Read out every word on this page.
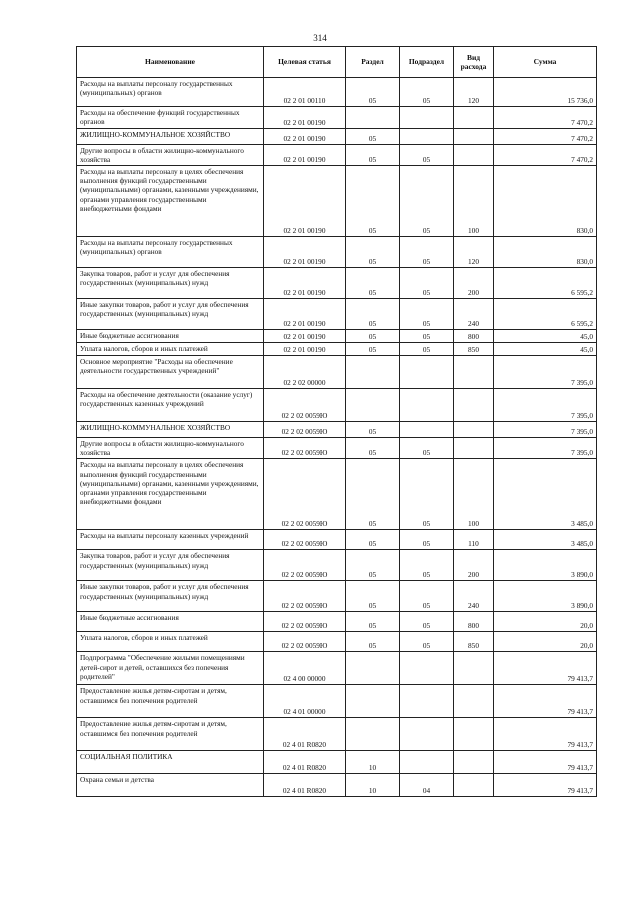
314
Наименование	Целевая статья	Раздел	Подраздел	Вид расхода	Сумма
Расходы на выплаты персоналу государственных (муниципальных) органов	02 2 01 00110	05	05	120	15 736,0
Расходы на обеспечение функций государственных органов	02 2 01 00190				7 470,2
ЖИЛИЩНО-КОММУНАЛЬНОЕ ХОЗЯЙСТВО	02 2 01 00190	05			7 470,2
Другие вопросы в области жилищно-коммунального хозяйства	02 2 01 00190	05	05		7 470,2
Расходы на выплаты персоналу в целях обеспечения выполнения функций государственными (муниципальными) органами, казенными учреждениями, органами управления государственными внебюджетными фондами	02 2 01 00190	05	05	100	830,0
Расходы на выплаты персоналу государственных (муниципальных) органов	02 2 01 00190	05	05	120	830,0
Закупка товаров, работ и услуг для обеспечения государственных (муниципальных) нужд	02 2 01 00190	05	05	200	6 595,2
Иные закупки товаров, работ и услуг для обеспечения государственных (муниципальных) нужд	02 2 01 00190	05	05	240	6 595,2
Иные бюджетные ассигнования	02 2 01 00190	05	05	800	45,0
Уплата налогов, сборов и иных платежей	02 2 01 00190	05	05	850	45,0
Основное мероприятие "Расходы на обеспечение деятельности государственных учреждений"	02 2 02 00000				7 395,0
Расходы на обеспечение деятельности (оказание услуг) государственных казенных учреждений	02 2 02 0059Ю				7 395,0
ЖИЛИЩНО-КОММУНАЛЬНОЕ ХОЗЯЙСТВО	02 2 02 0059Ю	05			7 395,0
Другие вопросы в области жилищно-коммунального хозяйства	02 2 02 0059Ю	05	05		7 395,0
Расходы на выплаты персоналу в целях обеспечения выполнения функций государственными (муниципальными) органами, казенными учреждениями, органами управления государственными внебюджетными фондами	02 2 02 0059Ю	05	05	100	3 485,0
Расходы на выплаты персоналу казенных учреждений	02 2 02 0059Ю	05	05	110	3 485,0
Закупка товаров, работ и услуг для обеспечения государственных (муниципальных) нужд	02 2 02 0059Ю	05	05	200	3 890,0
Иные закупки товаров, работ и услуг для обеспечения государственных (муниципальных) нужд	02 2 02 0059Ю	05	05	240	3 890,0
Иные бюджетные ассигнования	02 2 02 0059Ю	05	05	800	20,0
Уплата налогов, сборов и иных платежей	02 2 02 0059Ю	05	05	850	20,0
Подпрограмма "Обеспечение жилыми помещениями детей-сирот и детей, оставшихся без попечения родителей"	02 4 00 00000				79 413,7
Предоставление жилья детям-сиротам и детям, оставшимся без попечения родителей	02 4 01 00000				79 413,7
Предоставление жилья детям-сиротам и детям, оставшимся без попечения родителей	02 4 01 R0820				79 413,7
СОЦИАЛЬНАЯ ПОЛИТИКА	02 4 01 R0820	10			79 413,7
Охрана семьи и детства	02 4 01 R0820	10	04		79 413,7
